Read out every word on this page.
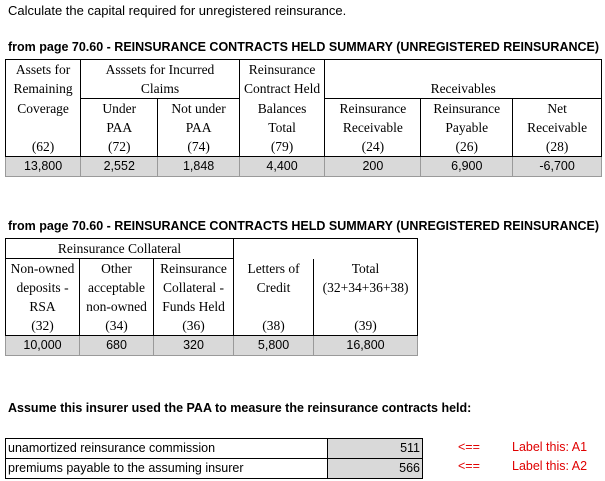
Calculate the capital required for unregistered reinsurance.
from page 70.60 - REINSURANCE CONTRACTS HELD SUMMARY (UNREGISTERED REINSURANCE)
Assets for	Asssets for Incurred		Reinsurance			
Remaining	Claims		Contract Held	Receivables		
Coverage	Under	Not under	Balances	Reinsurance	Reinsurance	Net
	PAA	PAA	Total	Receivable	Payable	Receivable
(62)	(72)	(74)	(79)	(24)	(26)	(28)
13,800	2,552	1,848	4,400	200	6,900	-6,700
from page 70.60 - REINSURANCE CONTRACTS HELD SUMMARY (UNREGISTERED REINSURANCE)
Reinsurance Collateral				
Non-owned	Other	Reinsurance	Letters of	Total
deposits -	acceptable	Collateral -	Credit	(32+34+36+38)
RSA	non-owned	Funds Held		
(32)	(34)	(36)	(38)	(39)
10,000	680	320	5,800	16,800
Assume this insurer used the PAA to measure the reinsurance contracts held:
unamortized reinsurance commission	511
premiums payable to the assuming insurer	566
<==	Label this: A1
<==	Label this: A2
